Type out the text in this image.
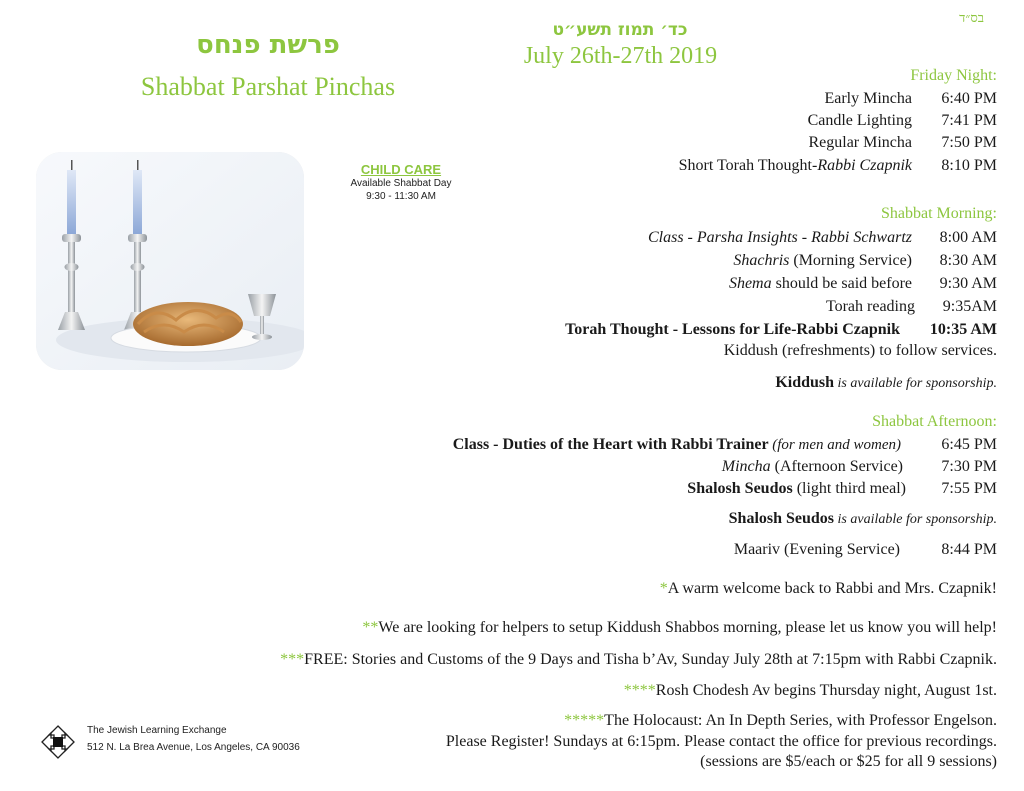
בס״ד
פרשת פנחס
Shabbat Parshat Pinchas
כד׳ תמוז תשע״ט
July 26th-27th 2019
CHILD CARE
Available Shabbat Day
9:30 - 11:30 AM
Friday Night:
Early Mincha	6:40 PM
Candle Lighting	7:41 PM
Regular Mincha	7:50 PM
Short Torah Thought-Rabbi Czapnik	8:10 PM
Shabbat Morning:
Class - Parsha Insights - Rabbi Schwartz	8:00 AM
Shachris (Morning Service)	8:30 AM
Shema should be said before	9:30 AM
Torah reading	9:35AM
Torah Thought - Lessons for Life-Rabbi Czapnik	10:35 AM
Kiddush (refreshments) to follow services.
Kiddush is available for sponsorship.
Shabbat Afternoon:
Class - Duties of the Heart with Rabbi Trainer (for men and women)	6:45 PM
Mincha (Afternoon Service)	7:30 PM
Shalosh Seudos (light third meal)	7:55 PM
Shalosh Seudos is available for sponsorship.
Maariv (Evening Service)	8:44 PM
*A warm welcome back to Rabbi and Mrs. Czapnik!
**We are looking for helpers to setup Kiddush Shabbos morning, please let us know you will help!
***FREE: Stories and Customs of the 9 Days and Tisha b’Av, Sunday July 28th at 7:15pm with Rabbi Czapnik.
****Rosh Chodesh Av begins Thursday night, August 1st.
*****The Holocaust: An In Depth Series, with Professor Engelson.
Please Register! Sundays at 6:15pm. Please contact the office for previous recordings.
(sessions are $5/each or $25 for all 9 sessions)
The Jewish Learning Exchange
512 N. La Brea Avenue, Los Angeles, CA 90036
